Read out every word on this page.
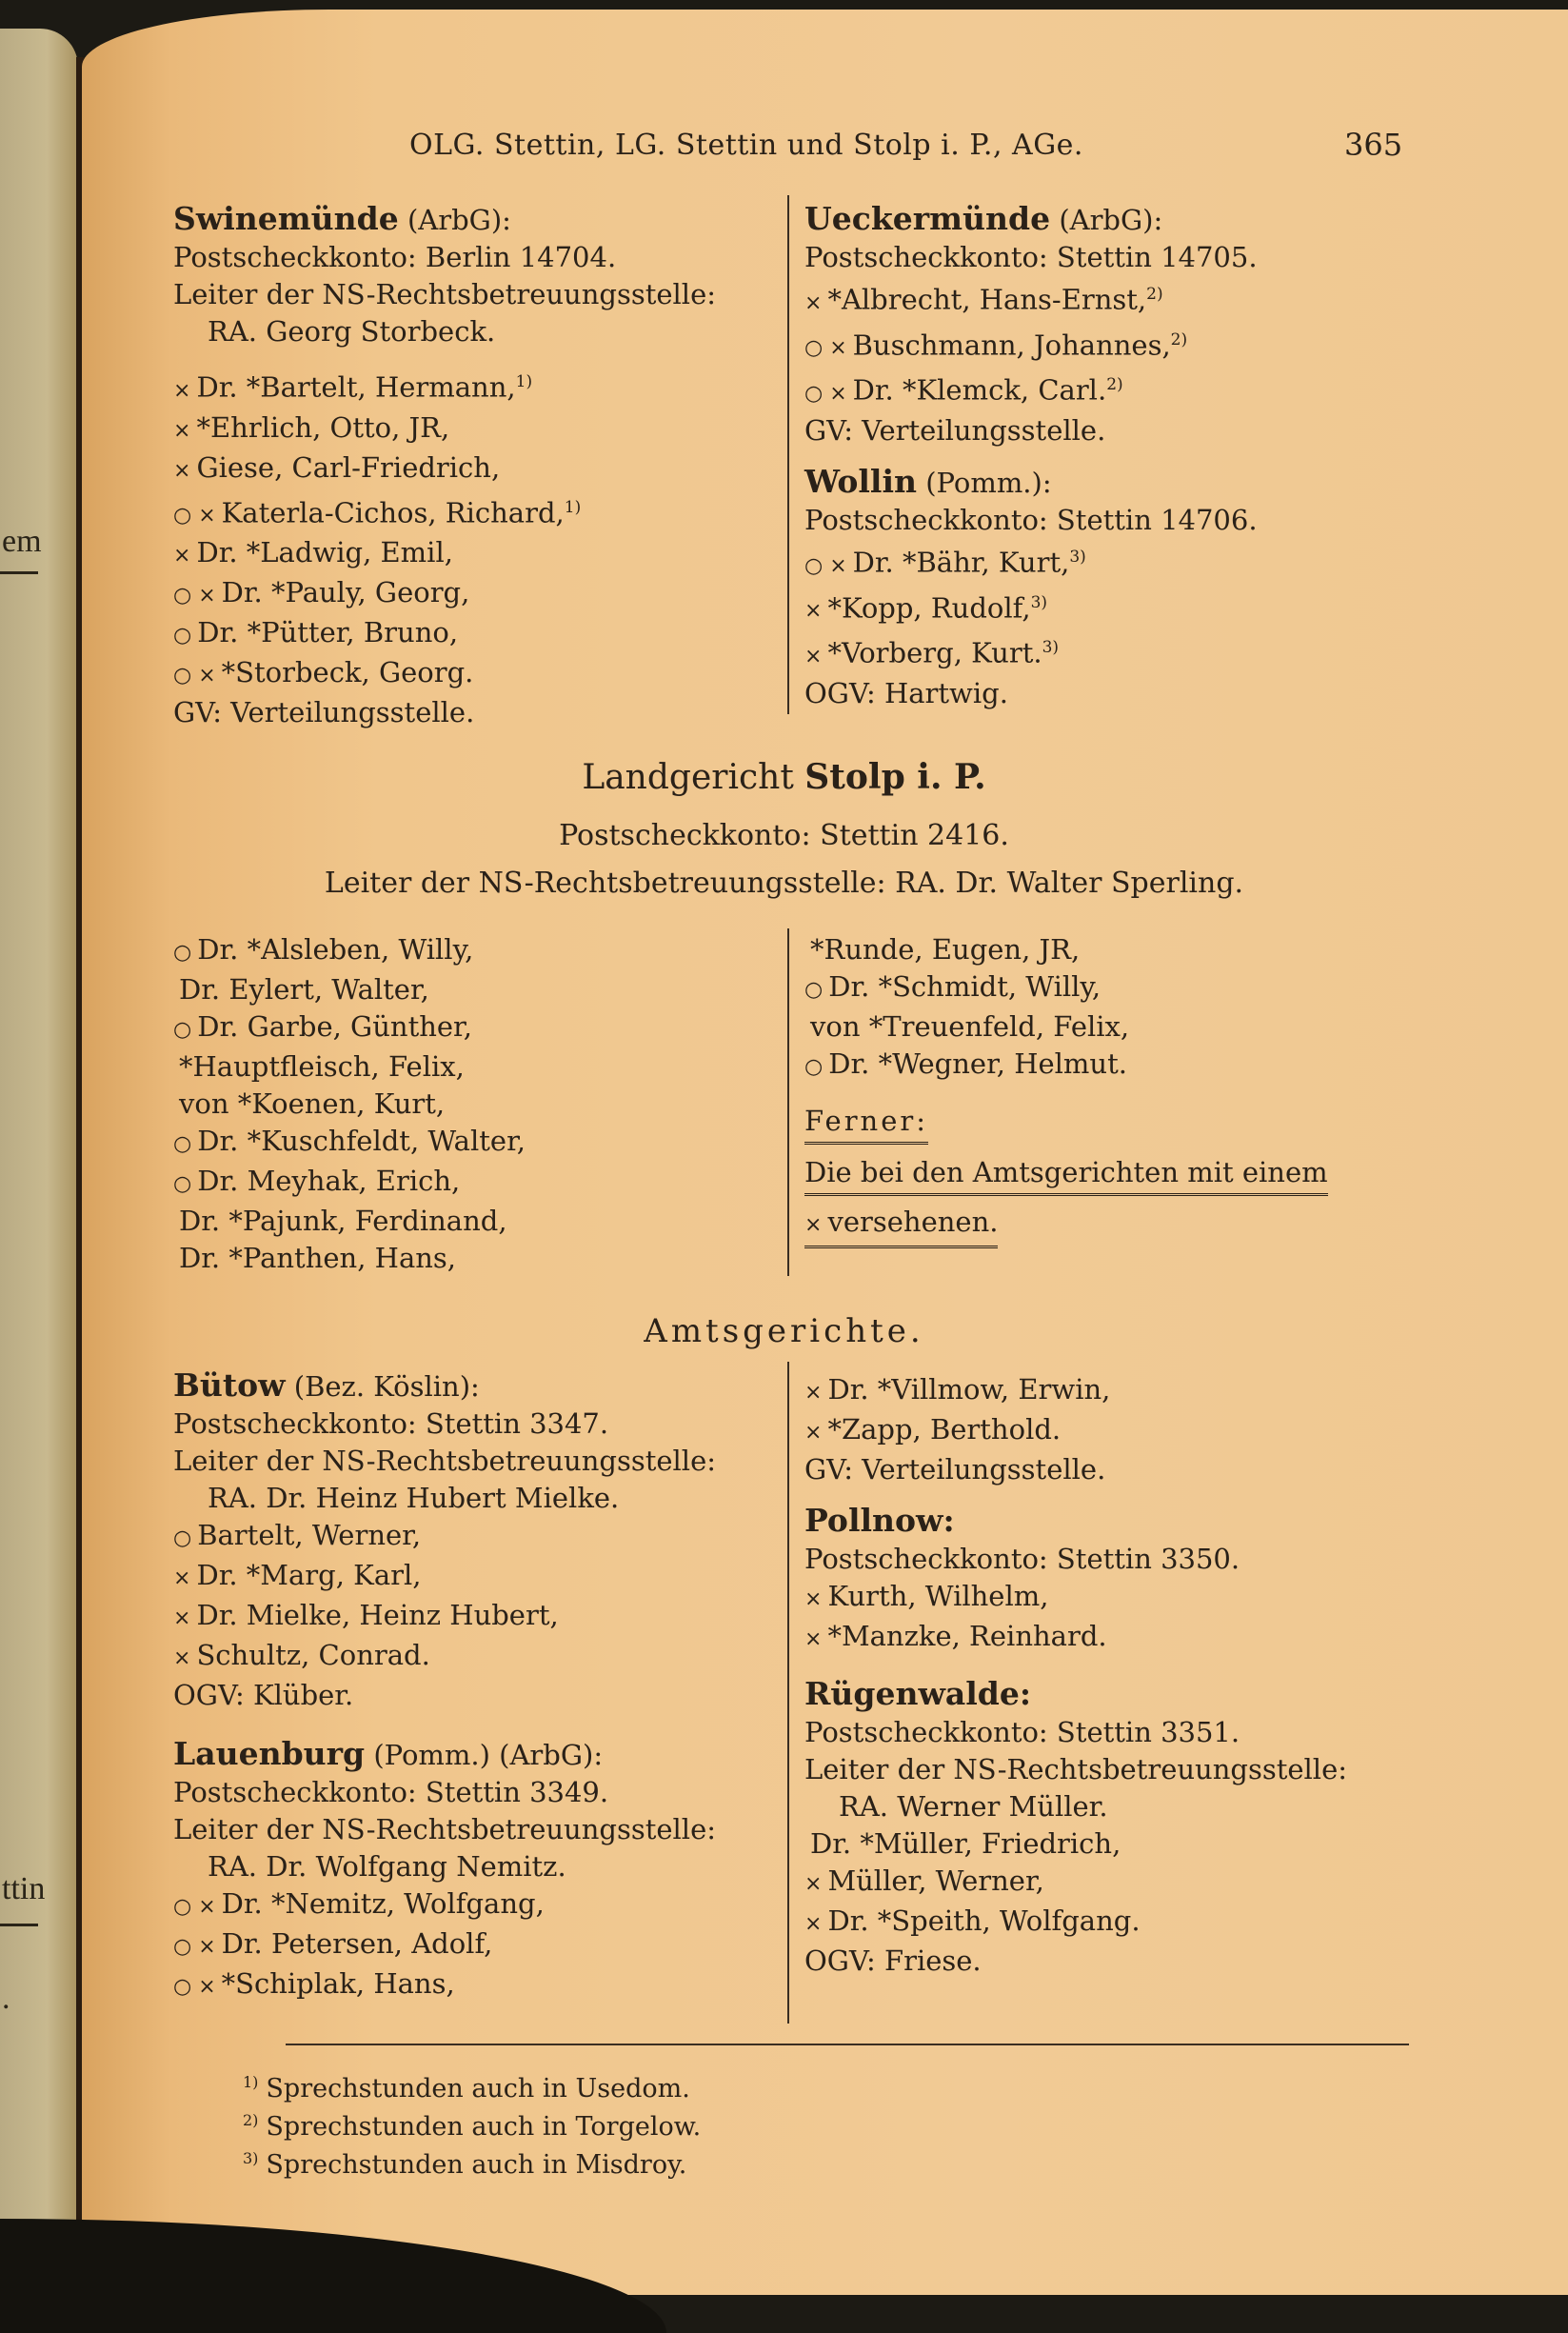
em
ttin
.
OLG. Stettin, LG. Stettin und Stolp i. P., AGe.	365
Swinemünde (ArbG):
Postscheckkonto: Berlin 14704.
Leiter der NS-Rechtsbetreuungsstelle:
RA. Georg Storbeck.
× Dr. *Bartelt, Hermann,$^{1)}$
× *Ehrlich, Otto, JR,
× Giese, Carl-Friedrich,
○ × Katerla-Cichos, Richard,$^{1)}$
× Dr. *Ladwig, Emil,
○ × Dr. *Pauly, Georg,
○ Dr. *Pütter, Bruno,
○ × *Storbeck, Georg.
GV: Verteilungsstelle.
Ueckermünde (ArbG):
Postscheckkonto: Stettin 14705.
× *Albrecht, Hans-Ernst,$^{2)}$
○ × Buschmann, Johannes,$^{2)}$
○ × Dr. *Klemck, Carl.$^{2)}$
GV: Verteilungsstelle.
Wollin (Pomm.):
Postscheckkonto: Stettin 14706.
○ × Dr. *Bähr, Kurt,$^{3)}$
× *Kopp, Rudolf,$^{3)}$
× *Vorberg, Kurt.$^{3)}$
OGV: Hartwig.
Landgericht Stolp i. P.
Postscheckkonto: Stettin 2416.
Leiter der NS-Rechtsbetreuungsstelle: RA. Dr. Walter Sperling.
○ Dr. *Alsleben, Willy,
Dr. Eylert, Walter,
○ Dr. Garbe, Günther,
*Hauptfleisch, Felix,
von *Koenen, Kurt,
○ Dr. *Kuschfeldt, Walter,
○ Dr. Meyhak, Erich,
Dr. *Pajunk, Ferdinand,
Dr. *Panthen, Hans,
*Runde, Eugen, JR,
○ Dr. *Schmidt, Willy,
von *Treuenfeld, Felix,
○ Dr. *Wegner, Helmut.
Ferner:
Die bei den Amtsgerichten mit einem
× versehenen.
Amtsgerichte.
Bütow (Bez. Köslin):
Postscheckkonto: Stettin 3347.
Leiter der NS-Rechtsbetreuungsstelle:
RA. Dr. Heinz Hubert Mielke.
○ Bartelt, Werner,
× Dr. *Marg, Karl,
× Dr. Mielke, Heinz Hubert,
× Schultz, Conrad.
OGV: Klüber.
Lauenburg (Pomm.) (ArbG):
Postscheckkonto: Stettin 3349.
Leiter der NS-Rechtsbetreuungsstelle:
RA. Dr. Wolfgang Nemitz.
○ × Dr. *Nemitz, Wolfgang,
○ × Dr. Petersen, Adolf,
○ × *Schiplak, Hans,
× Dr. *Villmow, Erwin,
× *Zapp, Berthold.
GV: Verteilungsstelle.
Pollnow:
Postscheckkonto: Stettin 3350.
× Kurth, Wilhelm,
× *Manzke, Reinhard.
Rügenwalde:
Postscheckkonto: Stettin 3351.
Leiter der NS-Rechtsbetreuungsstelle:
RA. Werner Müller.
Dr. *Müller, Friedrich,
× Müller, Werner,
× Dr. *Speith, Wolfgang.
OGV: Friese.
$^{1)}$ Sprechstunden auch in Usedom.
$^{2)}$ Sprechstunden auch in Torgelow.
$^{3)}$ Sprechstunden auch in Misdroy.
